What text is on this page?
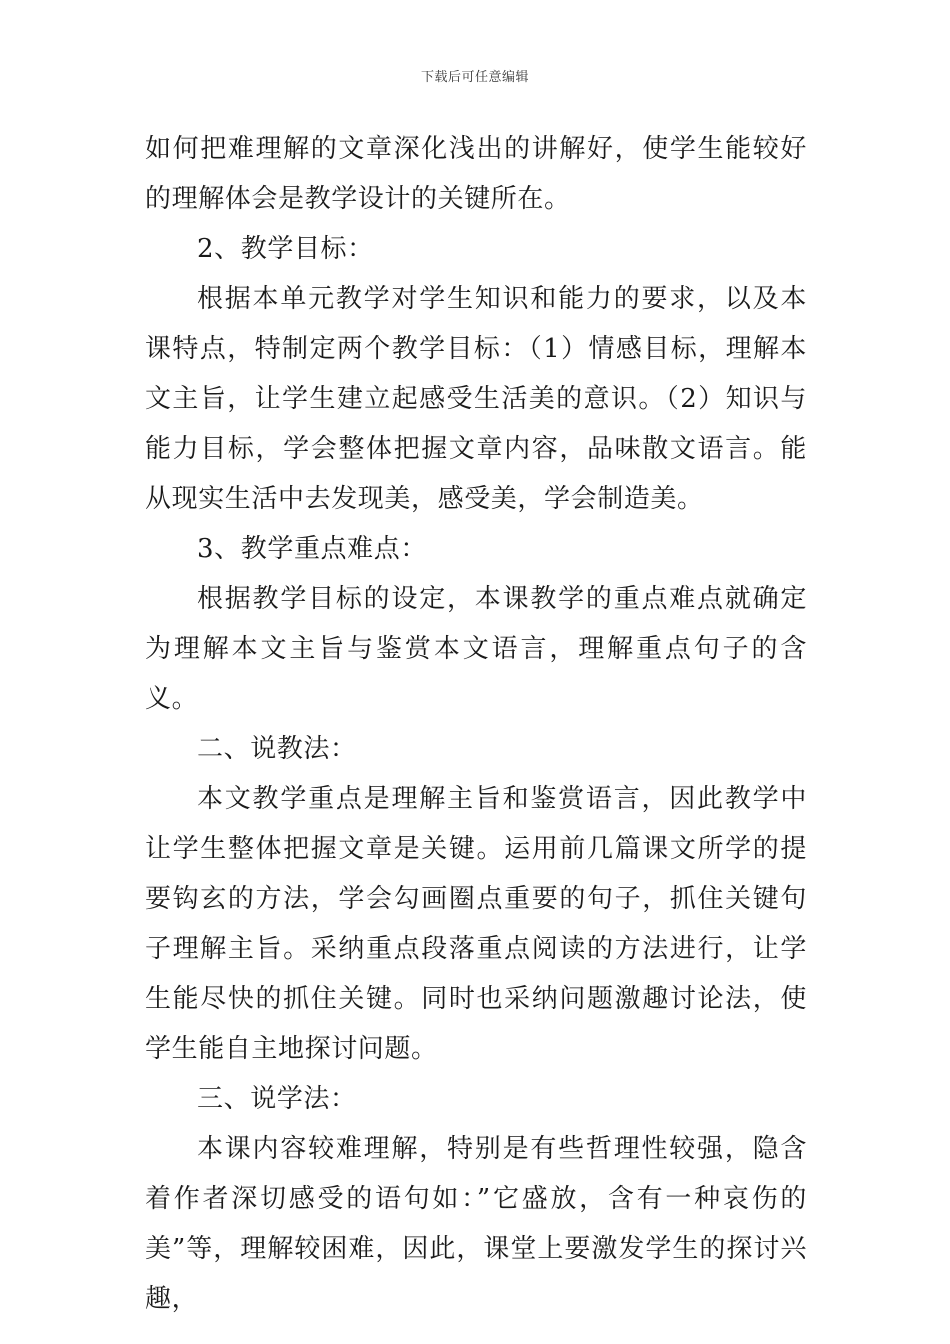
下载后可任意编辑

如何把难理解的文章深化浅出的讲解好，使学生能较好的理解体会是教学设计的关键所在。

2、教学目标：

根据本单元教学对学生知识和能力的要求，以及本课特点，特制定两个教学目标：（1）情感目标，理解本文主旨，让学生建立起感受生活美的意识。（2）知识与能力目标，学会整体把握文章内容，品味散文语言。能从现实生活中去发现美，感受美，学会制造美。

3、教学重点难点：

根据教学目标的设定，本课教学的重点难点就确定为理解本文主旨与鉴赏本文语言，理解重点句子的含义。

二、说教法：

本文教学重点是理解主旨和鉴赏语言，因此教学中让学生整体把握文章是关键。运用前几篇课文所学的提要钩玄的方法，学会勾画圈点重要的句子，抓住关键句子理解主旨。采纳重点段落重点阅读的方法进行，让学生能尽快的抓住关键。同时也采纳问题激趣讨论法，使学生能自主地探讨问题。

三、说学法：

本课内容较难理解，特别是有些哲理性较强，隐含着作者深切感受的语句如：”它盛放，含有一种哀伤的美”等，理解较困难，因此，课堂上要激发学生的探讨兴趣，
